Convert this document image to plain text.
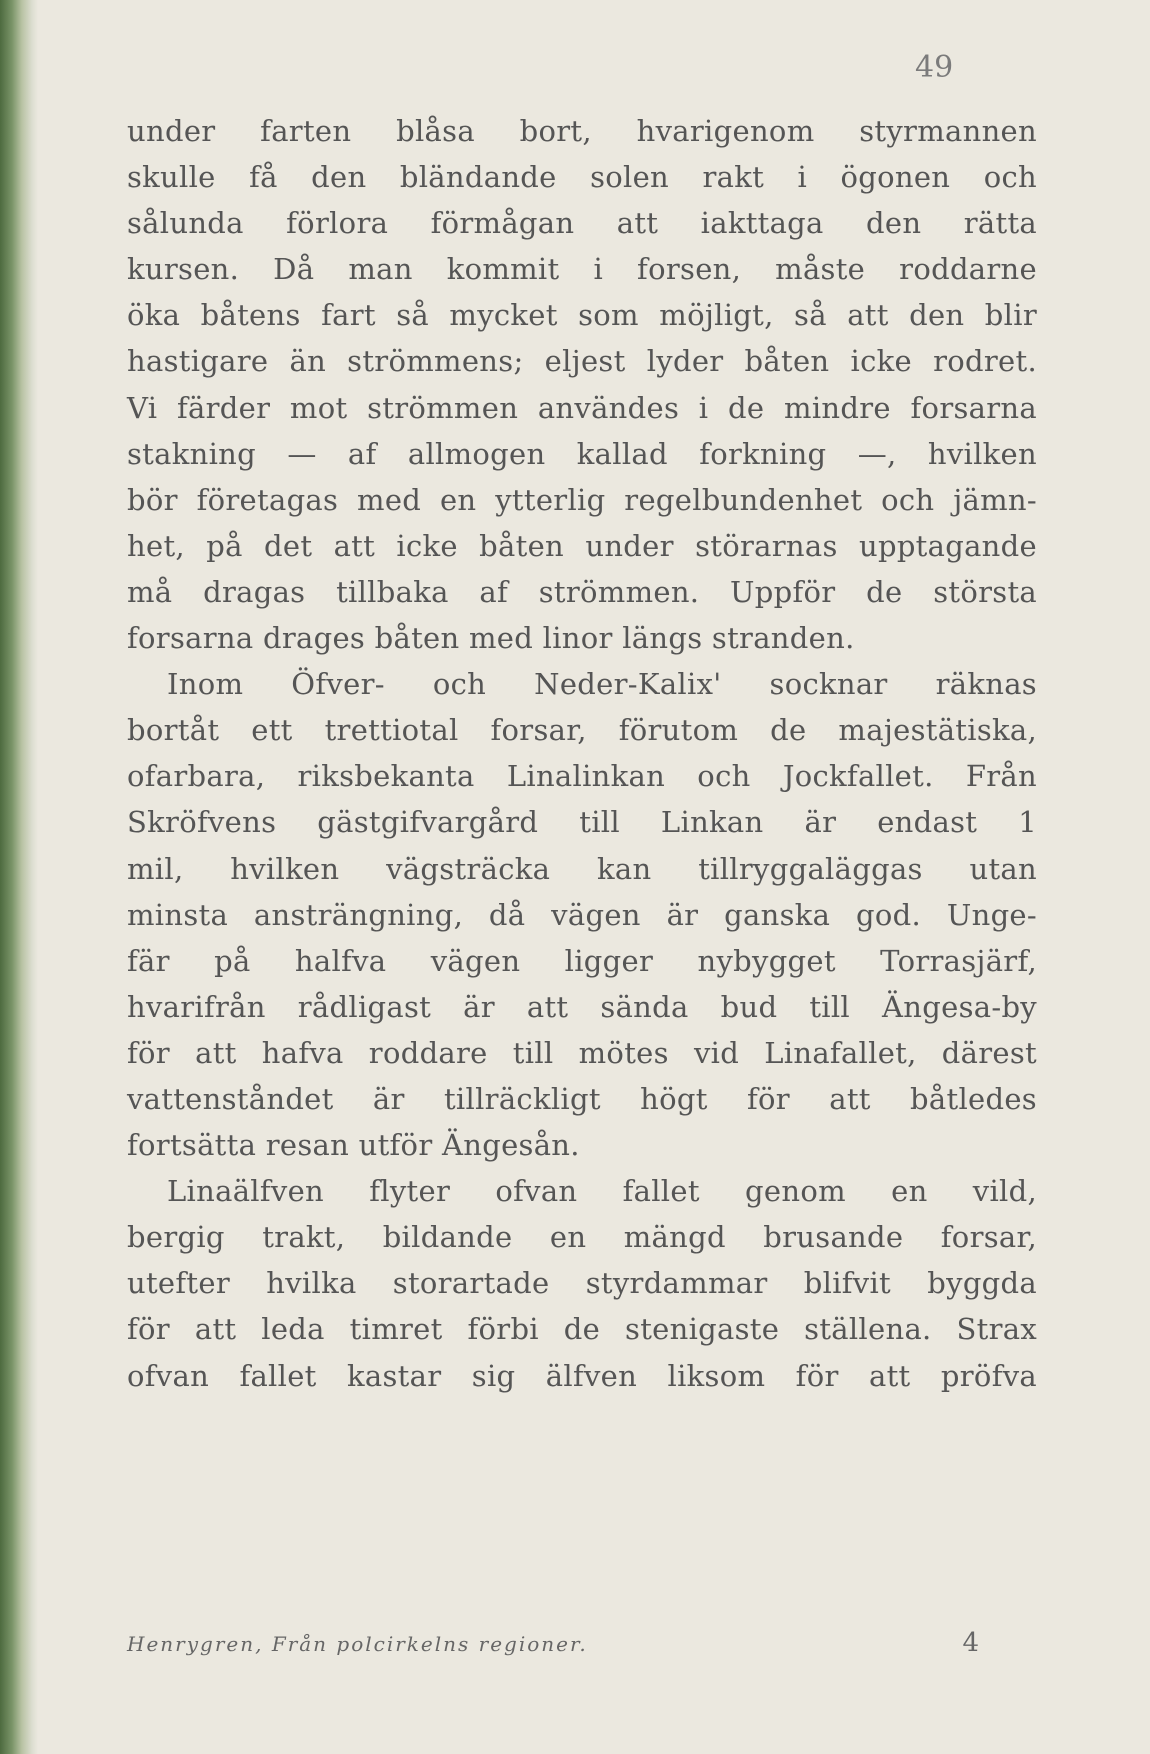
49
under farten blåsa bort, hvarigenom styrmannen
skulle få den bländande solen rakt i ögonen och
sålunda förlora förmågan att iakttaga den rätta
kursen. Då man kommit i forsen, måste roddarne
öka båtens fart så mycket som möjligt, så att den blir
hastigare än strömmens; eljest lyder båten icke rodret.
Vi färder mot strömmen användes i de mindre forsarna
stakning — af allmogen kallad forkning —, hvilken
bör företagas med en ytterlig regelbundenhet och jämn-
het, på det att icke båten under störarnas upptagande
må dragas tillbaka af strömmen. Uppför de största
forsarna drages båten med linor längs stranden.
Inom Öfver- och Neder-Kalix' socknar räknas
bortåt ett trettiotal forsar, förutom de majestätiska,
ofarbara, riksbekanta Linalinkan och Jockfallet. Från
Skröfvens gästgifvargård till Linkan är endast 1
mil, hvilken vägsträcka kan tillryggaläggas utan
minsta ansträngning, då vägen är ganska god. Unge-
fär på halfva vägen ligger nybygget Torrasjärf,
hvarifrån rådligast är att sända bud till Ängesa-by
för att hafva roddare till mötes vid Linafallet, därest
vattenståndet är tillräckligt högt för att båtledes
fortsätta resan utför Ängesån.
Linaälfven flyter ofvan fallet genom en vild,
bergig trakt, bildande en mängd brusande forsar,
utefter hvilka storartade styrdammar blifvit byggda
för att leda timret förbi de stenigaste ställena. Strax
ofvan fallet kastar sig älfven liksom för att pröfva
Henrygren, Från polcirkelns regioner.	4
